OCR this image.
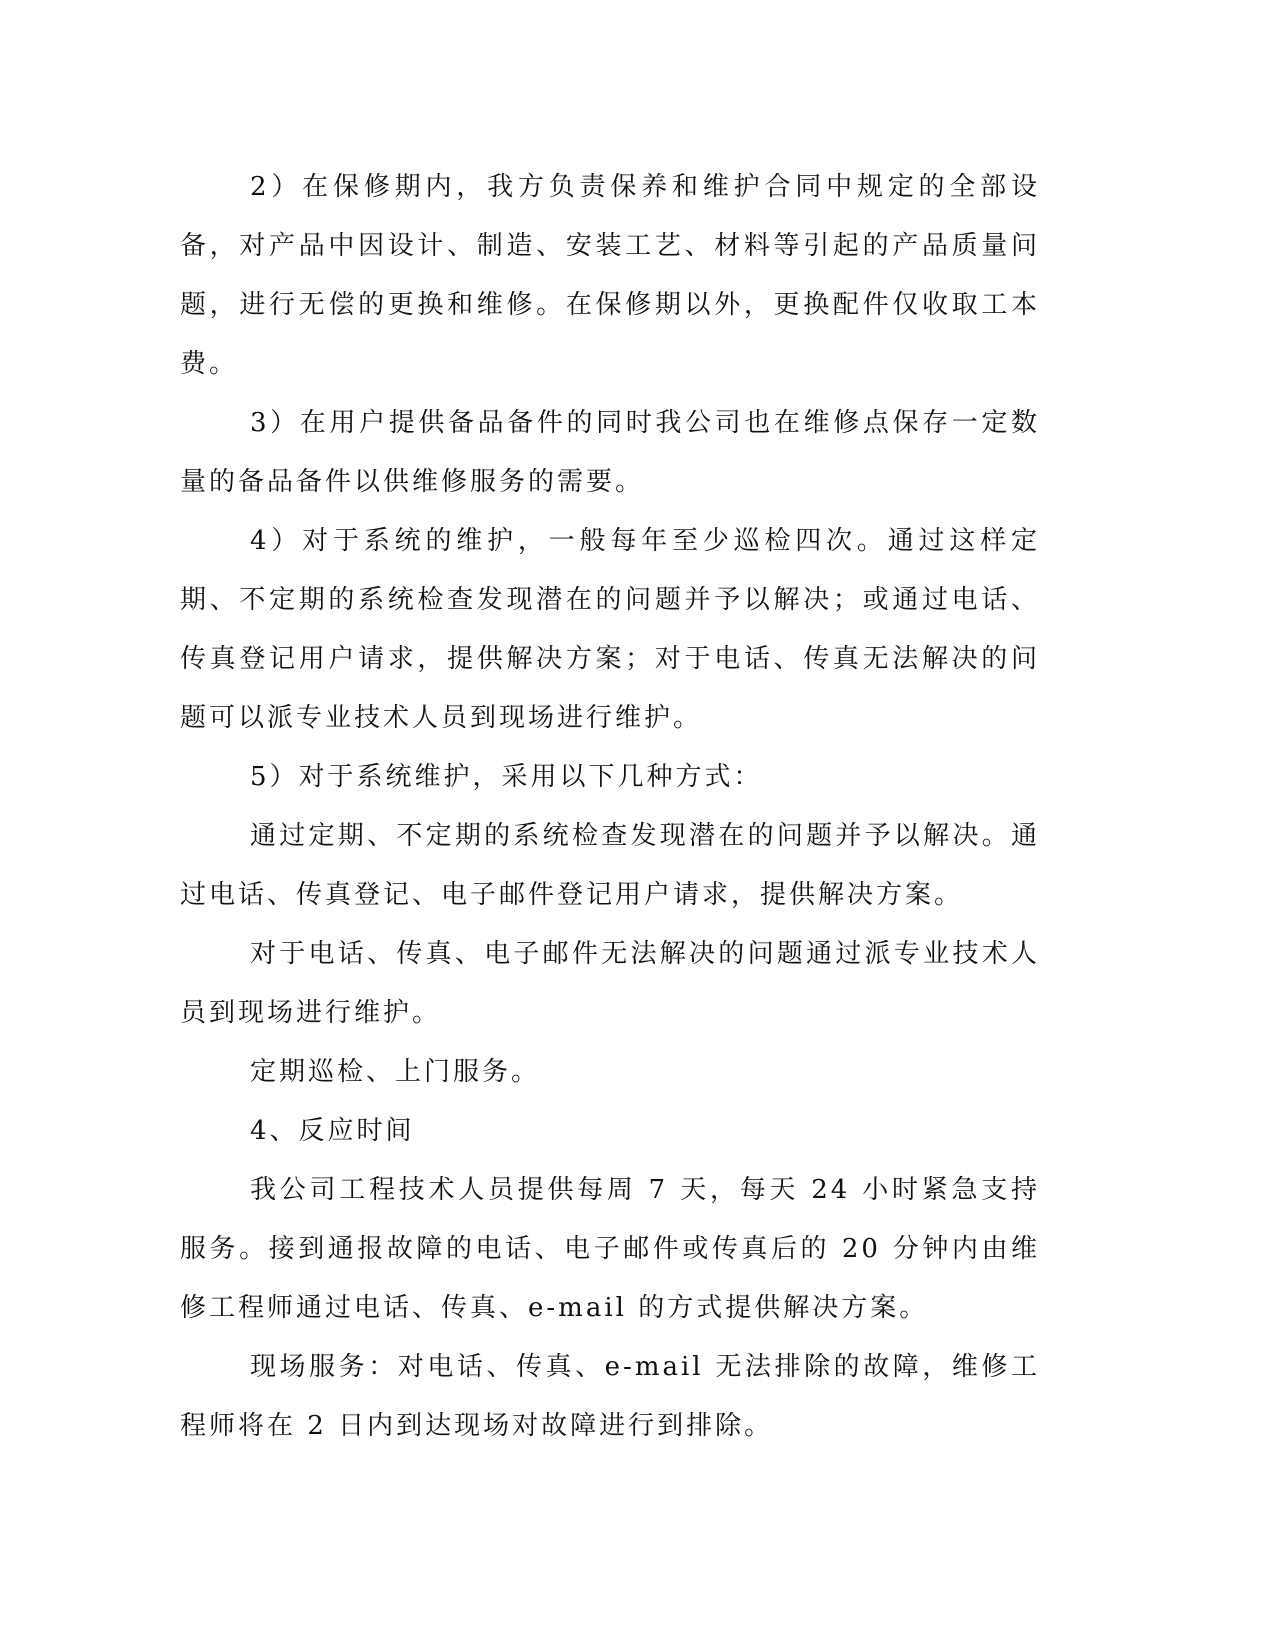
2）在保修期内，我方负责保养和维护合同中规定的全部设备，对产品中因设计、制造、安装工艺、材料等引起的产品质量问题，进行无偿的更换和维修。在保修期以外，更换配件仅收取工本费。

3）在用户提供备品备件的同时我公司也在维修点保存一定数量的备品备件以供维修服务的需要。

4）对于系统的维护，一般每年至少巡检四次。通过这样定期、不定期的系统检查发现潜在的问题并予以解决；或通过电话、传真登记用户请求，提供解决方案；对于电话、传真无法解决的问题可以派专业技术人员到现场进行维护。

5）对于系统维护，采用以下几种方式：

通过定期、不定期的系统检查发现潜在的问题并予以解决。通过电话、传真登记、电子邮件登记用户请求，提供解决方案。

对于电话、传真、电子邮件无法解决的问题通过派专业技术人员到现场进行维护。

定期巡检、上门服务。

4、反应时间

我公司工程技术人员提供每周 7 天，每天 24 小时紧急支持服务。接到通报故障的电话、电子邮件或传真后的 20 分钟内由维修工程师通过电话、传真、e-mail 的方式提供解决方案。

现场服务：对电话、传真、e-mail 无法排除的故障，维修工程师将在 2 日内到达现场对故障进行到排除。
